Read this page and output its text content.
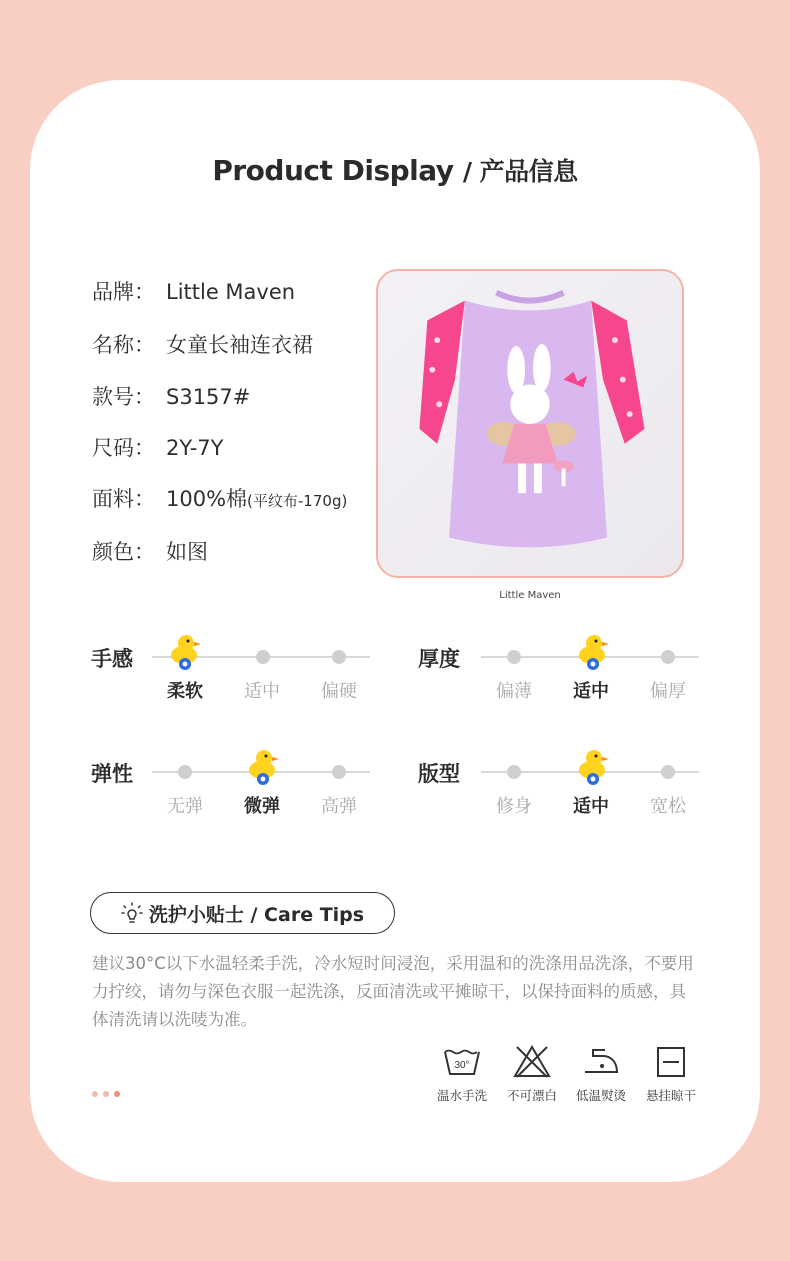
Product Display / 产品信息
品牌： Little Maven
名称： 女童长袖连衣裙
款号： S3157#
尺码： 2Y-7Y
面料： 100%棉(平纹布-170g)
颜色： 如图
Little Maven
手感
柔软	适中	偏硬
厚度
偏薄	适中	偏厚
弹性
无弹	微弹	高弹
版型
修身	适中	宽松
洗护小贴士 / Care Tips
建议30°C以下水温轻柔手洗，冷水短时间浸泡，采用温和的洗涤用品洗涤，不要用力拧绞，请勿与深色衣服一起洗涤，反面清洗或平摊晾干，以保持面料的质感，具体清洗请以洗唛为准。
30°
温水手洗	不可漂白	低温熨烫	悬挂晾干
